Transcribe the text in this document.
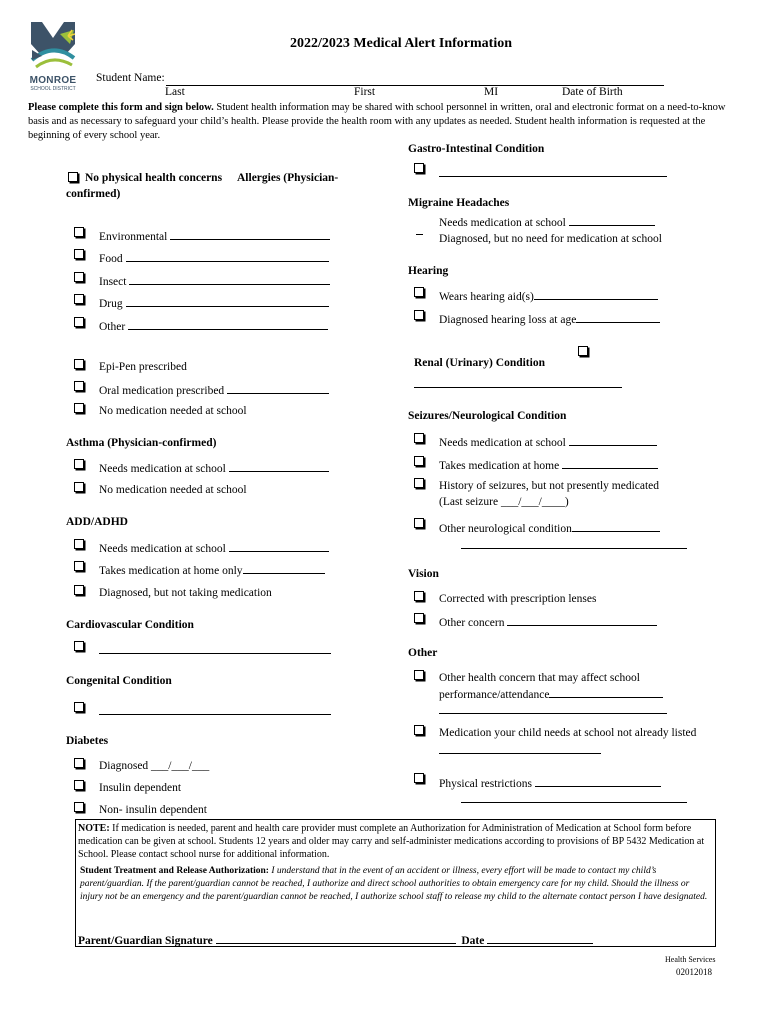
MONROE
SCHOOL DISTRICT
2022/2023 Medical Alert Information
Student Name:
Last	First	MI	Date of Birth
Please complete this form and sign below. Student health information may be shared with school personnel in written, oral and electronic format on a need-to-know basis and as necessary to safeguard your child’s health. Please provide the health room with any updates as needed. Student health information is requested at the beginning of every school year.
No physical health concerns Allergies (Physician-
confirmed)
Environmental
Food
Insect
Drug
Other
Epi-Pen prescribed
Oral medication prescribed
No medication needed at school
Asthma (Physician-confirmed)
Needs medication at school
No medication needed at school
ADD/ADHD
Needs medication at school
Takes medication at home only
Diagnosed, but not taking medication
Cardiovascular Condition
Congenital Condition
Diabetes
Diagnosed ___/___/___
Insulin dependent
Non- insulin dependent
Gastro-Intestinal Condition
Migraine Headaches
Needs medication at school
Diagnosed, but no need for medication at school
Hearing
Wears hearing aid(s)
Diagnosed hearing loss at age
Renal (Urinary) Condition
Seizures/Neurological Condition
Needs medication at school
Takes medication at home
History of seizures, but not presently medicated
(Last seizure ___/___/____)
Other neurological condition
Vision
Corrected with prescription lenses
Other concern
Other
Other health concern that may affect school
performance/attendance
Medication your child needs at school not already listed
Physical restrictions
NOTE: If medication is needed, parent and health care provider must complete an Authorization for Administration of Medication at School form before medication can be given at school. Students 12 years and older may carry and self-administer medications according to provisions of BP 5432 Medication at School. Please contact school nurse for additional information.
Student Treatment and Release Authorization: I understand that in the event of an accident or illness, every effort will be made to contact my child’s parent/guardian. If the parent/guardian cannot be reached, I authorize and direct school authorities to obtain emergency care for my child. Should the illness or injury not be an emergency and the parent/guardian cannot be reached, I authorize school staff to release my child to the alternate contact person I have designated.
Parent/Guardian Signature	Date
Health Services
02012018
